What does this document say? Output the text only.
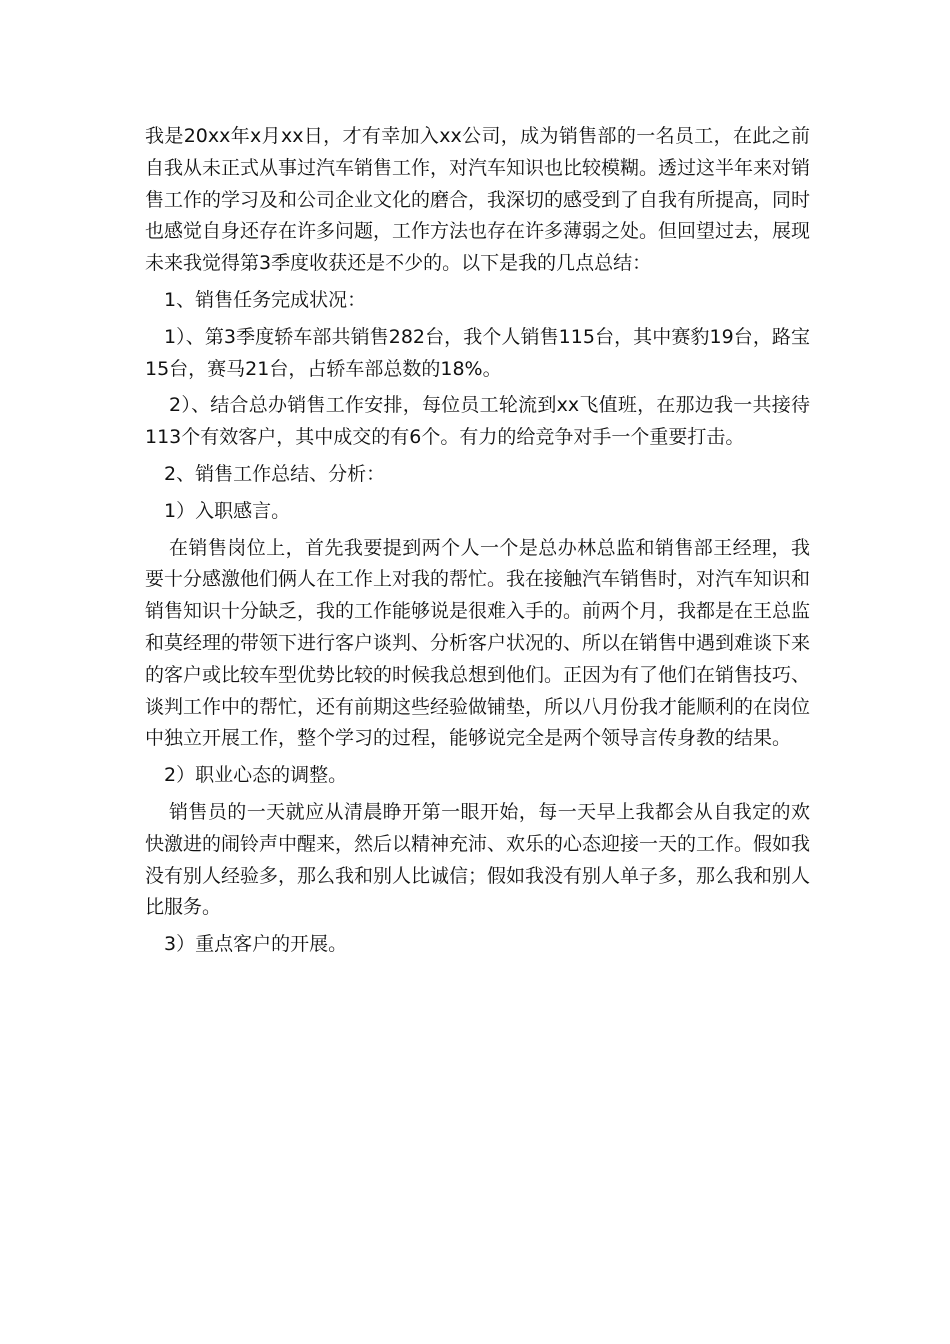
我是20xx年x月xx日，才有幸加入xx公司，成为销售部的一名员工，在此之前自我从未正式从事过汽车销售工作，对汽车知识也比较模糊。透过这半年来对销售工作的学习及和公司企业文化的磨合，我深切的感受到了自我有所提高，同时也感觉自身还存在许多问题，工作方法也存在许多薄弱之处。但回望过去，展现未来我觉得第3季度收获还是不少的。以下是我的几点总结：

1、销售任务完成状况：

1）、第3季度轿车部共销售282台，我个人销售115台，其中赛豹19台，路宝15台，赛马21台，占轿车部总数的18%。

2）、结合总办销售工作安排，每位员工轮流到xx飞值班，在那边我一共接待113个有效客户，其中成交的有6个。有力的给竞争对手一个重要打击。

2、销售工作总结、分析：

1）入职感言。

在销售岗位上，首先我要提到两个人一个是总办林总监和销售部王经理，我要十分感激他们俩人在工作上对我的帮忙。我在接触汽车销售时，对汽车知识和销售知识十分缺乏，我的工作能够说是很难入手的。前两个月，我都是在王总监和莫经理的带领下进行客户谈判、分析客户状况的、所以在销售中遇到难谈下来的客户或比较车型优势比较的时候我总想到他们。正因为有了他们在销售技巧、谈判工作中的帮忙，还有前期这些经验做铺垫，所以八月份我才能顺利的在岗位中独立开展工作，整个学习的过程，能够说完全是两个领导言传身教的结果。

2）职业心态的调整。

销售员的一天就应从清晨睁开第一眼开始，每一天早上我都会从自我定的欢快激进的闹铃声中醒来，然后以精神充沛、欢乐的心态迎接一天的工作。假如我没有别人经验多，那么我和别人比诚信；假如我没有别人单子多，那么我和别人比服务。

3）重点客户的开展。
